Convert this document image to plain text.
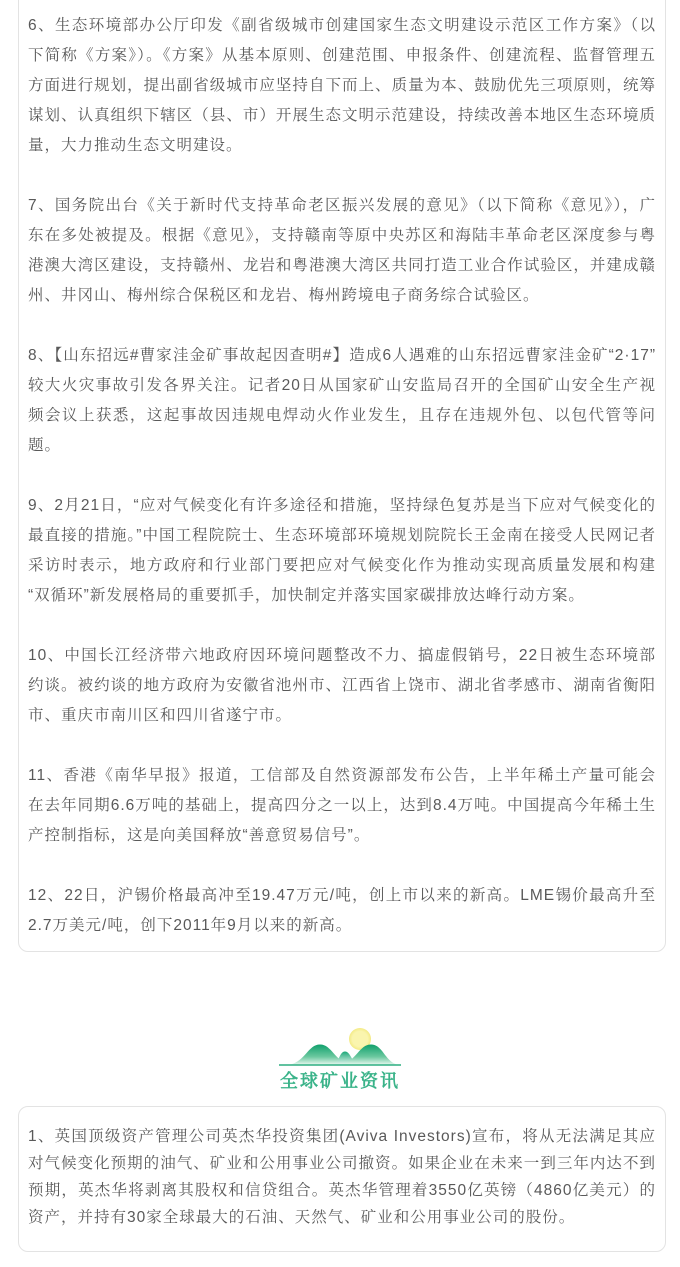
6、生态环境部办公厅印发《副省级城市创建国家生态文明建设示范区工作方案》（以下简称《方案》）。《方案》从基本原则、创建范围、申报条件、创建流程、监督管理五方面进行规划，提出副省级城市应坚持自下而上、质量为本、鼓励优先三项原则，统筹谋划、认真组织下辖区（县、市）开展生态文明示范建设，持续改善本地区生态环境质量，大力推动生态文明建设。

7、国务院出台《关于新时代支持革命老区振兴发展的意见》（以下简称《意见》），广东在多处被提及。根据《意见》，支持赣南等原中央苏区和海陆丰革命老区深度参与粤港澳大湾区建设，支持赣州、龙岩和粤港澳大湾区共同打造工业合作试验区，并建成赣州、井冈山、梅州综合保税区和龙岩、梅州跨境电子商务综合试验区。

8、【山东招远#曹家洼金矿事故起因查明#】造成6人遇难的山东招远曹家洼金矿“2·17”较大火灾事故引发各界关注。记者20日从国家矿山安监局召开的全国矿山安全生产视频会议上获悉，这起事故因违规电焊动火作业发生，且存在违规外包、以包代管等问题。

9、2月21日，“应对气候变化有许多途径和措施，坚持绿色复苏是当下应对气候变化的最直接的措施。”中国工程院院士、生态环境部环境规划院院长王金南在接受人民网记者采访时表示，地方政府和行业部门要把应对气候变化作为推动实现高质量发展和构建“双循环”新发展格局的重要抓手，加快制定并落实国家碳排放达峰行动方案。

10、中国长江经济带六地政府因环境问题整改不力、搞虚假销号，22日被生态环境部约谈。被约谈的地方政府为安徽省池州市、江西省上饶市、湖北省孝感市、湖南省衡阳市、重庆市南川区和四川省遂宁市。

11、香港《南华早报》报道，工信部及自然资源部发布公告，上半年稀土产量可能会在去年同期6.6万吨的基础上，提高四分之一以上，达到8.4万吨。中国提高今年稀土生产控制指标，这是向美国释放“善意贸易信号”。

12、22日，沪锡价格最高冲至19.47万元/吨，创上市以来的新高。LME锡价最高升至2.7万美元/吨，创下2011年9月以来的新高。

全球矿业资讯

1、英国顶级资产管理公司英杰华投资集团(Aviva Investors)宣布，将从无法满足其应对气候变化预期的油气、矿业和公用事业公司撤资。如果企业在未来一到三年内达不到预期，英杰华将剥离其股权和信贷组合。英杰华管理着3550亿英镑（4860亿美元）的资产，并持有30家全球最大的石油、天然气、矿业和公用事业公司的股份。
